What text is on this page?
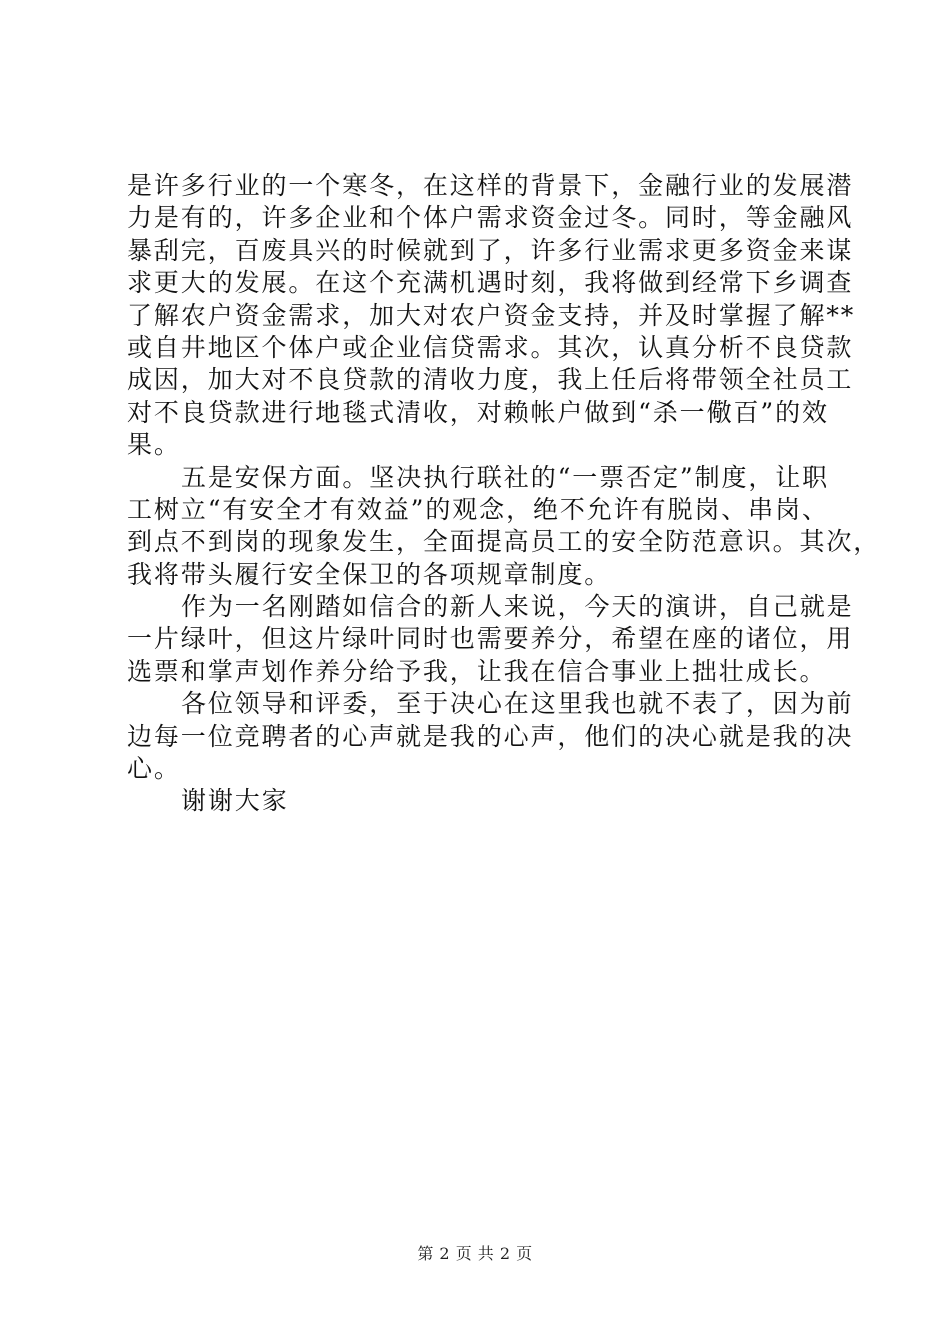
是许多行业的一个寒冬，在这样的背景下，金融行业的发展潜
力是有的，许多企业和个体户需求资金过冬。同时，等金融风
暴刮完，百废具兴的时候就到了，许多行业需求更多资金来谋
求更大的发展。在这个充满机遇时刻，我将做到经常下乡调查
了解农户资金需求，加大对农户资金支持，并及时掌握了解**
或自井地区个体户或企业信贷需求。其次，认真分析不良贷款
成因，加大对不良贷款的清收力度，我上任后将带领全社员工
对不良贷款进行地毯式清收，对赖帐户做到“杀一儆百”的效
果。
五是安保方面。坚决执行联社的“一票否定”制度，让职
工树立“有安全才有效益”的观念，绝不允许有脱岗、串岗、
到点不到岗的现象发生，全面提高员工的安全防范意识。其次，
我将带头履行安全保卫的各项规章制度。
作为一名刚踏如信合的新人来说，今天的演讲，自己就是
一片绿叶，但这片绿叶同时也需要养分，希望在座的诸位，用
选票和掌声划作养分给予我，让我在信合事业上拙壮成长。
各位领导和评委，至于决心在这里我也就不表了，因为前
边每一位竞聘者的心声就是我的心声，他们的决心就是我的决
心。
谢谢大家
第 2 页 共 2 页
